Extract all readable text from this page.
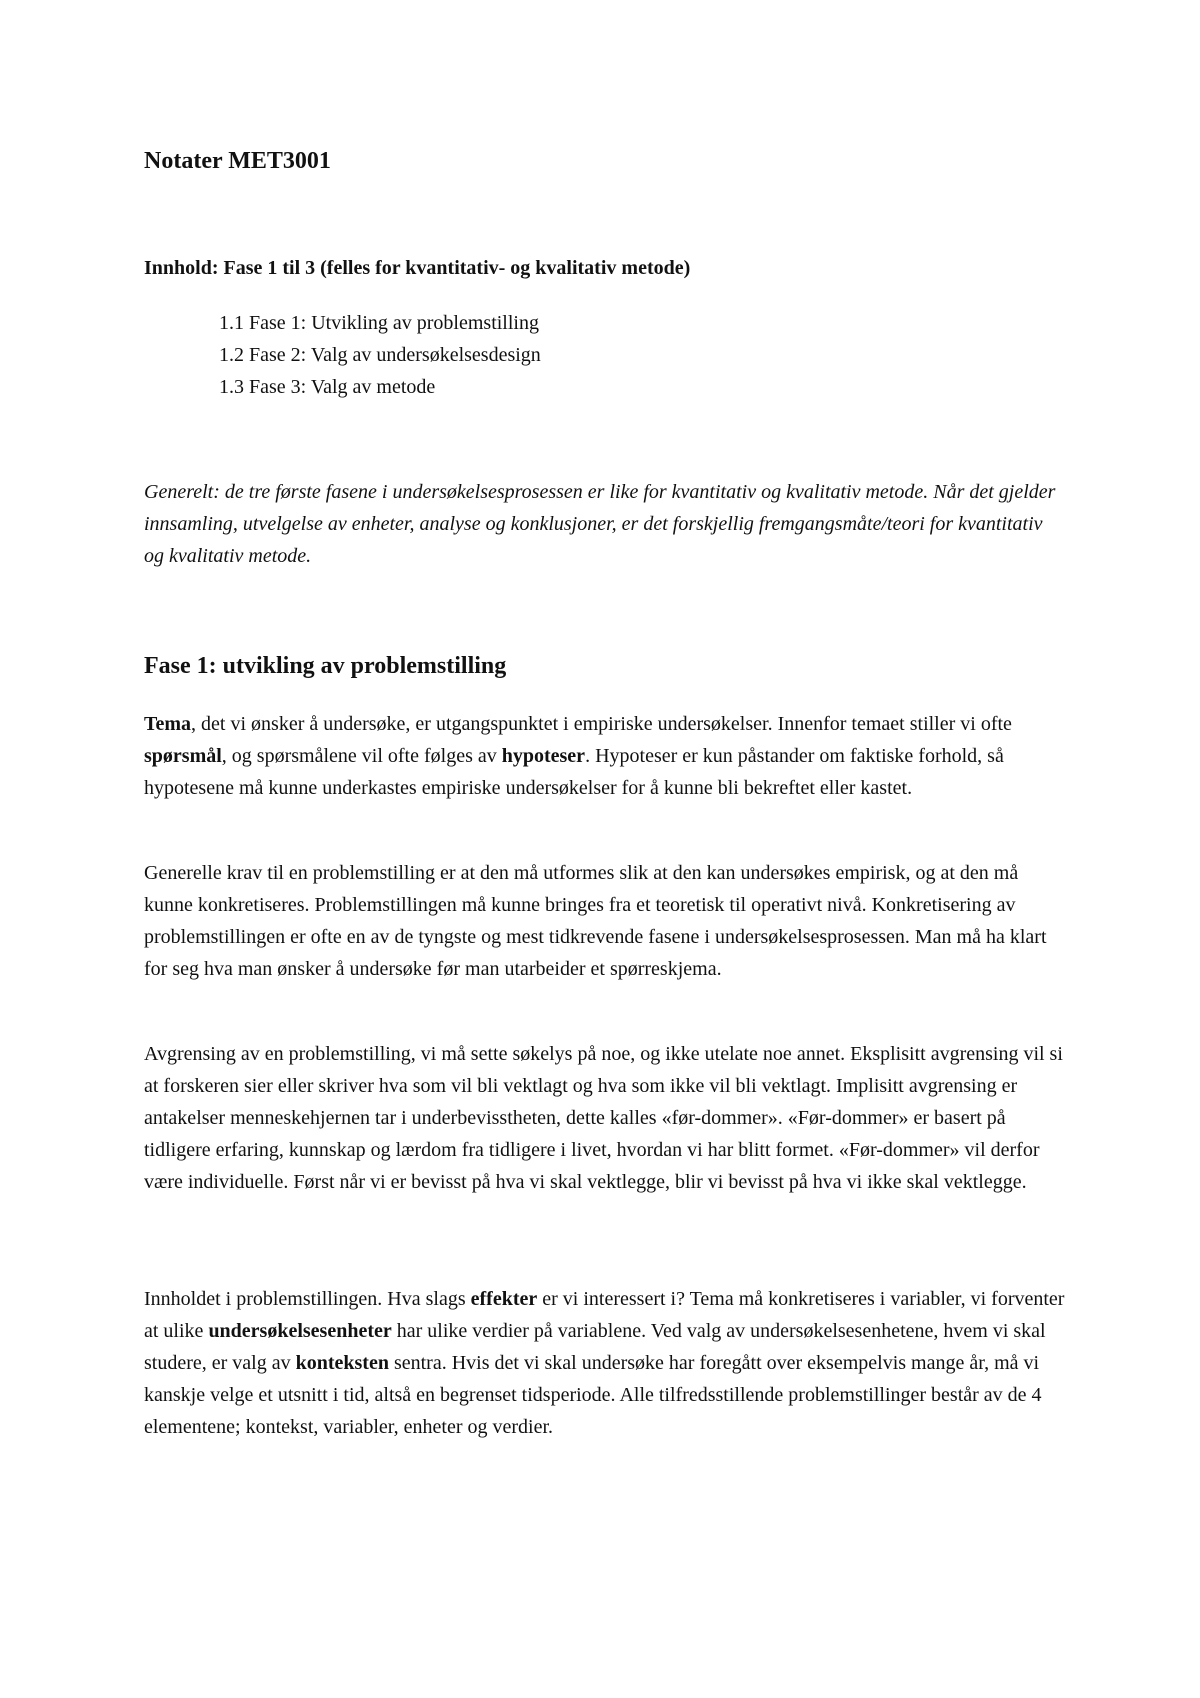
Notater MET3001

Innhold: Fase 1 til 3 (felles for kvantitativ- og kvalitativ metode)

1.1 Fase 1: Utvikling av problemstilling
1.2 Fase 2: Valg av undersøkelsesdesign
1.3 Fase 3: Valg av metode

Generelt: de tre første fasene i undersøkelsesprosessen er like for kvantitativ og kvalitativ metode. Når det gjelder innsamling, utvelgelse av enheter, analyse og konklusjoner, er det forskjellig fremgangsmåte/teori for kvantitativ og kvalitativ metode.

Fase 1: utvikling av problemstilling

Tema, det vi ønsker å undersøke, er utgangspunktet i empiriske undersøkelser. Innenfor temaet stiller vi ofte spørsmål, og spørsmålene vil ofte følges av hypoteser. Hypoteser er kun påstander om faktiske forhold, så hypotesene må kunne underkastes empiriske undersøkelser for å kunne bli bekreftet eller kastet.

Generelle krav til en problemstilling er at den må utformes slik at den kan undersøkes empirisk, og at den må kunne konkretiseres. Problemstillingen må kunne bringes fra et teoretisk til operativt nivå. Konkretisering av problemstillingen er ofte en av de tyngste og mest tidkrevende fasene i undersøkelsesprosessen. Man må ha klart for seg hva man ønsker å undersøke før man utarbeider et spørreskjema.

Avgrensing av en problemstilling, vi må sette søkelys på noe, og ikke utelate noe annet. Eksplisitt avgrensing vil si at forskeren sier eller skriver hva som vil bli vektlagt og hva som ikke vil bli vektlagt. Implisitt avgrensing er antakelser menneskehjernen tar i underbevisstheten, dette kalles «før-dommer». «Før-dommer» er basert på tidligere erfaring, kunnskap og lærdom fra tidligere i livet, hvordan vi har blitt formet. «Før-dommer» vil derfor være individuelle. Først når vi er bevisst på hva vi skal vektlegge, blir vi bevisst på hva vi ikke skal vektlegge.

Innholdet i problemstillingen. Hva slags effekter er vi interessert i? Tema må konkretiseres i variabler, vi forventer at ulike undersøkelsesenheter har ulike verdier på variablene. Ved valg av undersøkelsesenhetene, hvem vi skal studere, er valg av konteksten sentra. Hvis det vi skal undersøke har foregått over eksempelvis mange år, må vi kanskje velge et utsnitt i tid, altså en begrenset tidsperiode. Alle tilfredsstillende problemstillinger består av de 4 elementene; kontekst, variabler, enheter og verdier.
